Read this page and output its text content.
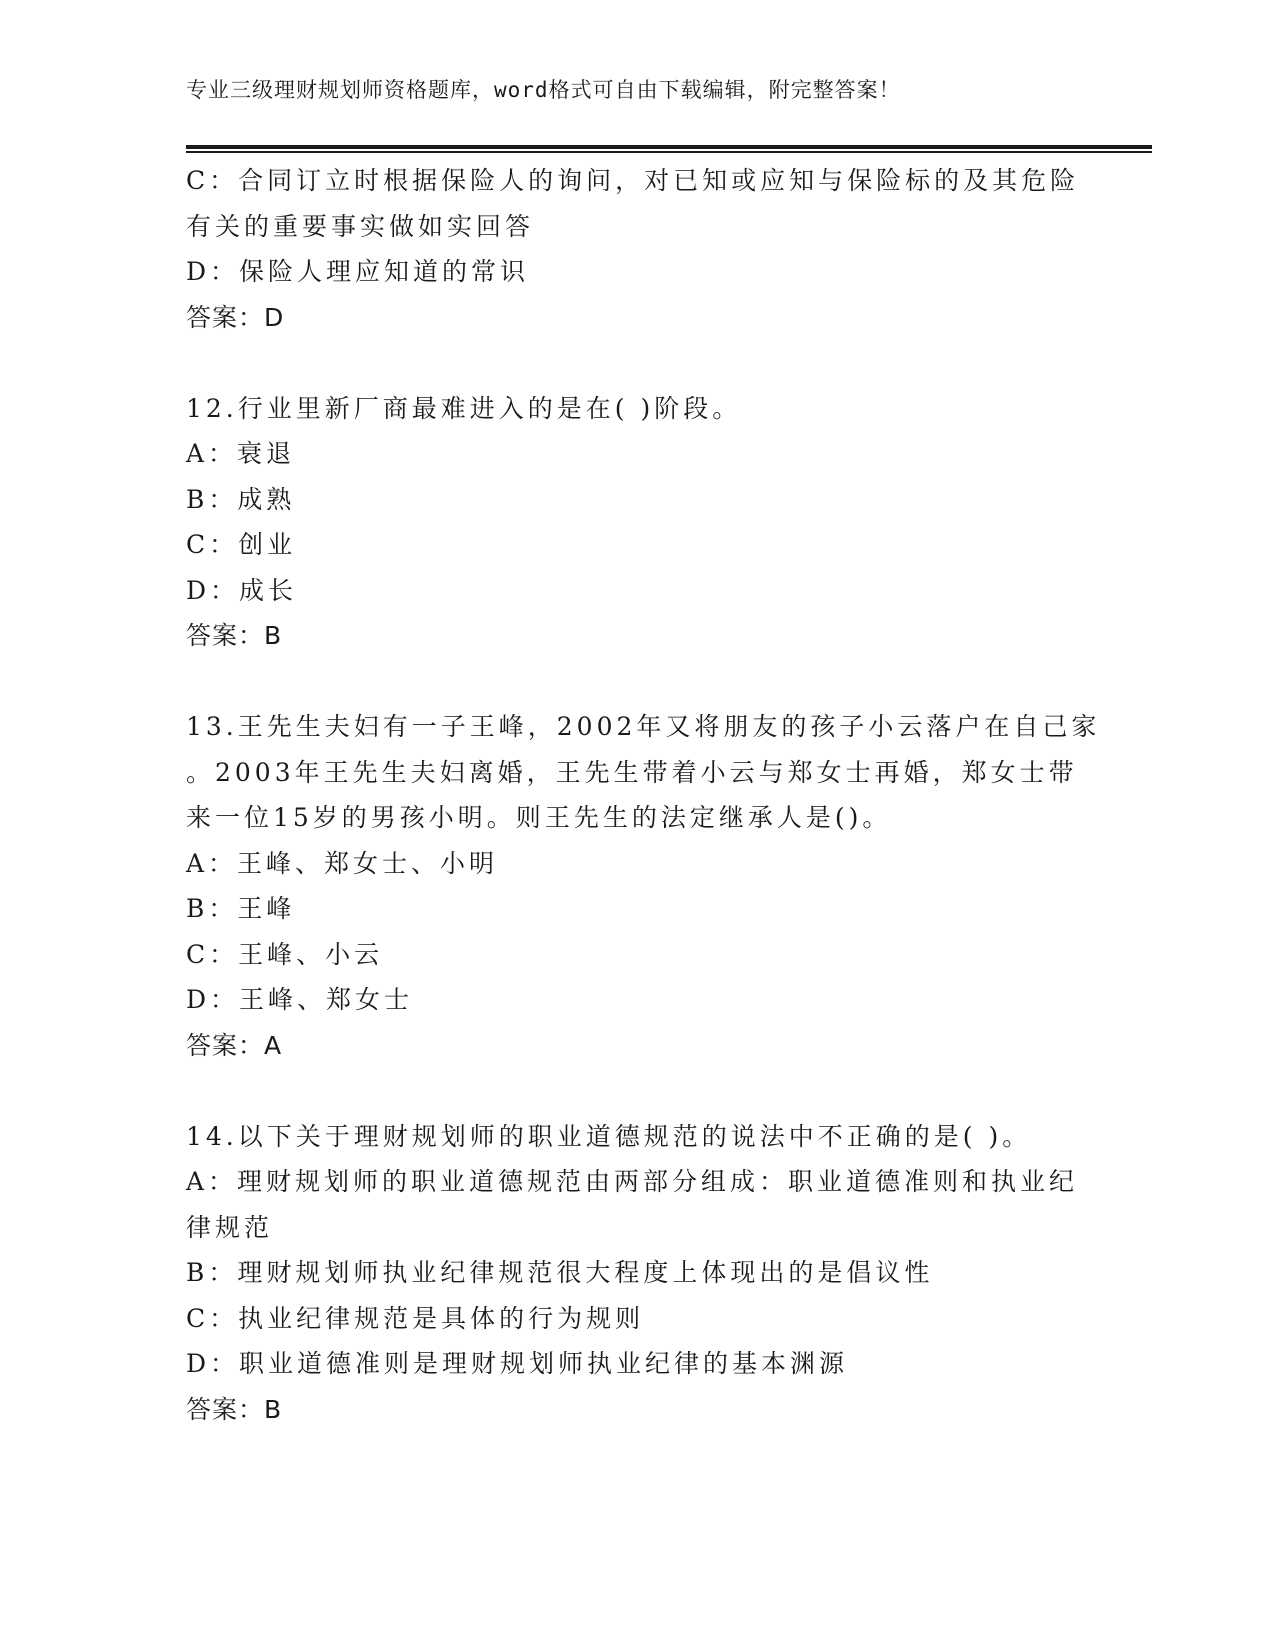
专业三级理财规划师资格题库，word格式可自由下载编辑，附完整答案！
C：合同订立时根据保险人的询问，对已知或应知与保险标的及其危险
有关的重要事实做如实回答
D：保险人理应知道的常识
答案：D
12.行业里新厂商最难进入的是在( )阶段。
A：衰退
B：成熟
C：创业
D：成长
答案：B
13.王先生夫妇有一子王峰，2002年又将朋友的孩子小云落户在自己家
。2003年王先生夫妇离婚，王先生带着小云与郑女士再婚，郑女士带
来一位15岁的男孩小明。则王先生的法定继承人是()。
A：王峰、郑女士、小明
B：王峰
C：王峰、小云
D：王峰、郑女士
答案：A
14.以下关于理财规划师的职业道德规范的说法中不正确的是( )。
A：理财规划师的职业道德规范由两部分组成：职业道德准则和执业纪
律规范
B：理财规划师执业纪律规范很大程度上体现出的是倡议性
C：执业纪律规范是具体的行为规则
D：职业道德准则是理财规划师执业纪律的基本渊源
答案：B
